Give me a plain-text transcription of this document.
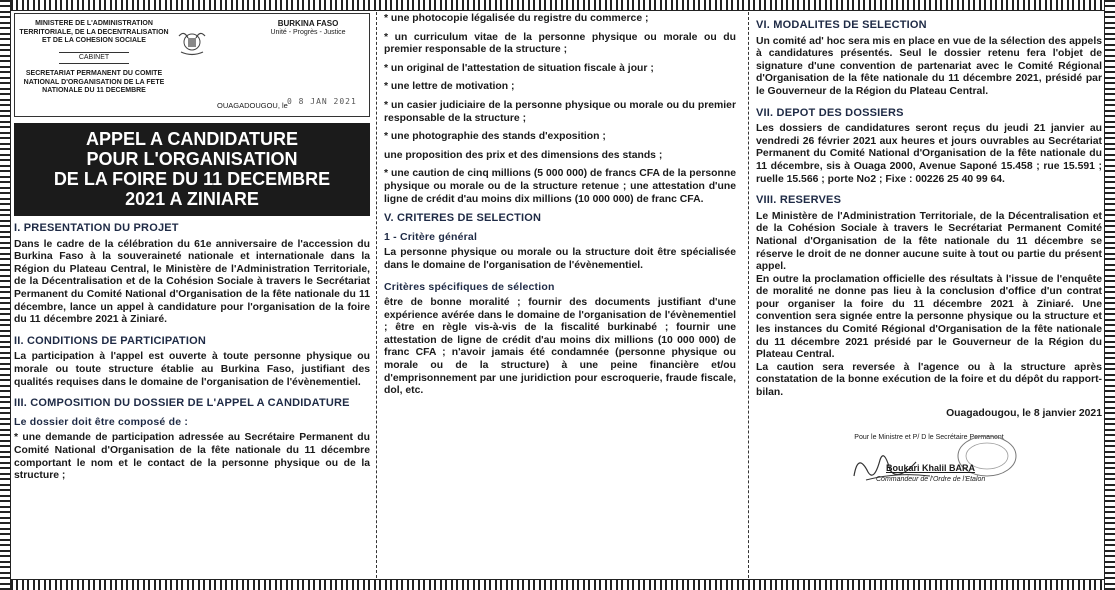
MINISTERE DE L'ADMINISTRATION
TERRITORIALE, DE LA DECENTRALISATION
ET DE LA COHESION SOCIALE
CABINET
SECRETARIAT PERMANENT DU COMITE
NATIONAL D'ORGANISATION DE LA FETE
NATIONALE DU 11 DECEMBRE
BURKINA FASO
Unité - Progrès - Justice
OUAGADOUGOU, le 0 8 JAN 2021
APPEL A CANDIDATURE
POUR L'ORGANISATION
DE LA FOIRE DU 11 DECEMBRE
2021 A ZINIARE
I. PRESENTATION DU PROJET

Dans le cadre de la célébration du 61e anniversaire de l'accession du Burkina Faso à la souveraineté nationale et internationale dans la Région du Plateau Central, le Ministère de l'Administration Territoriale, de la Décentralisation et de la Cohésion Sociale à travers le Secrétariat Permanent du Comité National d'Organisation de la fête nationale du 11 décembre, lance un appel à candidature pour l'organisation de la foire du 11 décembre 2021 à Ziniaré.

II. CONDITIONS DE PARTICIPATION

La participation à l'appel est ouverte à toute personne physique ou morale ou toute structure établie au Burkina Faso, justifiant des qualités requises dans le domaine de l'organisation de l'évènementiel.

III. COMPOSITION DU DOSSIER DE L'APPEL A CANDIDATURE
Le dossier doit être composé de :

* une demande de participation adressée au Secrétaire Permanent du Comité National d'Organisation de la fête nationale du 11 décembre comportant le nom et le contact de la personne physique ou de la structure ;

* une photocopie légalisée du registre du commerce ;

* un curriculum vitae de la personne physique ou morale ou du premier responsable de la structure ;

* un original de l'attestation de situation fiscale à jour ;

* une lettre de motivation ;

* un casier judiciaire de la personne physique ou morale ou du premier responsable de la structure ;

* une photographie des stands d'exposition ;

une proposition des prix et des dimensions des stands ;

* une caution de cinq millions (5 000 000) de francs CFA de la personne physique ou morale ou de la structure retenue ; une attestation d'une ligne de crédit d'au moins dix millions (10 000 000) de franc CFA.

V. CRITERES DE SELECTION
1 - Critère général

La personne physique ou morale ou la structure doit être spécialisée dans le domaine de l'organisation de l'évènementiel.

Critères spécifiques de sélection

être de bonne moralité ; fournir des documents justifiant d'une expérience avérée dans le domaine de l'organisation de l'évènementiel ; être en règle vis-à-vis de la fiscalité burkinabé ; fournir une attestation de ligne de crédit d'au moins dix millions (10 000 000) de franc CFA ; n'avoir jamais été condamnée (personne physique ou morale ou de la structure) à une peine financière et/ou d'emprisonnement par une juridiction pour escroquerie, fraude fiscale, dol, etc.

VI. MODALITES DE SELECTION

Un comité ad' hoc sera mis en place en vue de la sélection des appels à candidatures présentés. Seul le dossier retenu fera l'objet de signature d'une convention de partenariat avec le Comité Régional d'Organisation de la fête nationale du 11 décembre 2021, présidé par le Gouverneur de la Région du Plateau Central.

VII. DEPOT DES DOSSIERS

Les dossiers de candidatures seront reçus du jeudi 21 janvier au vendredi 26 février 2021 aux heures et jours ouvrables au Secrétariat Permanent du Comité National d'Organisation de la fête nationale du 11 décembre, sis à Ouaga 2000, Avenue Saponé 15.458 ; rue 15.591 ; ruelle 15.566 ; porte No2 ; Fixe : 00226 25 40 99 64.

VIII. RESERVES

Le Ministère de l'Administration Territoriale, de la Décentralisation et de la Cohésion Sociale à travers le Secrétariat Permanent Comité National d'Organisation de la fête nationale du 11 décembre se réserve le droit de ne donner aucune suite à tout ou partie du présent appel.

En outre la proclamation officielle des résultats à l'issue de l'enquête de moralité ne donne pas lieu à la conclusion d'office d'un contrat pour organiser la foire du 11 décembre 2021 à Ziniaré. Une convention sera signée entre la personne physique ou la structure et les instances du Comité Régional d'Organisation de la fête nationale du 11 décembre 2021 présidé par le Gouverneur de la Région du Plateau Central.

La caution sera reversée à l'agence ou à la structure après constatation de la bonne exécution de la foire et du dépôt du rapport-bilan.

Ouagadougou, le 8 janvier 2021

Pour le Ministre et P/ D le Secrétaire Permanent
Boukari Khalil BARA
Commandeur de l'Ordre de l'Etalon
